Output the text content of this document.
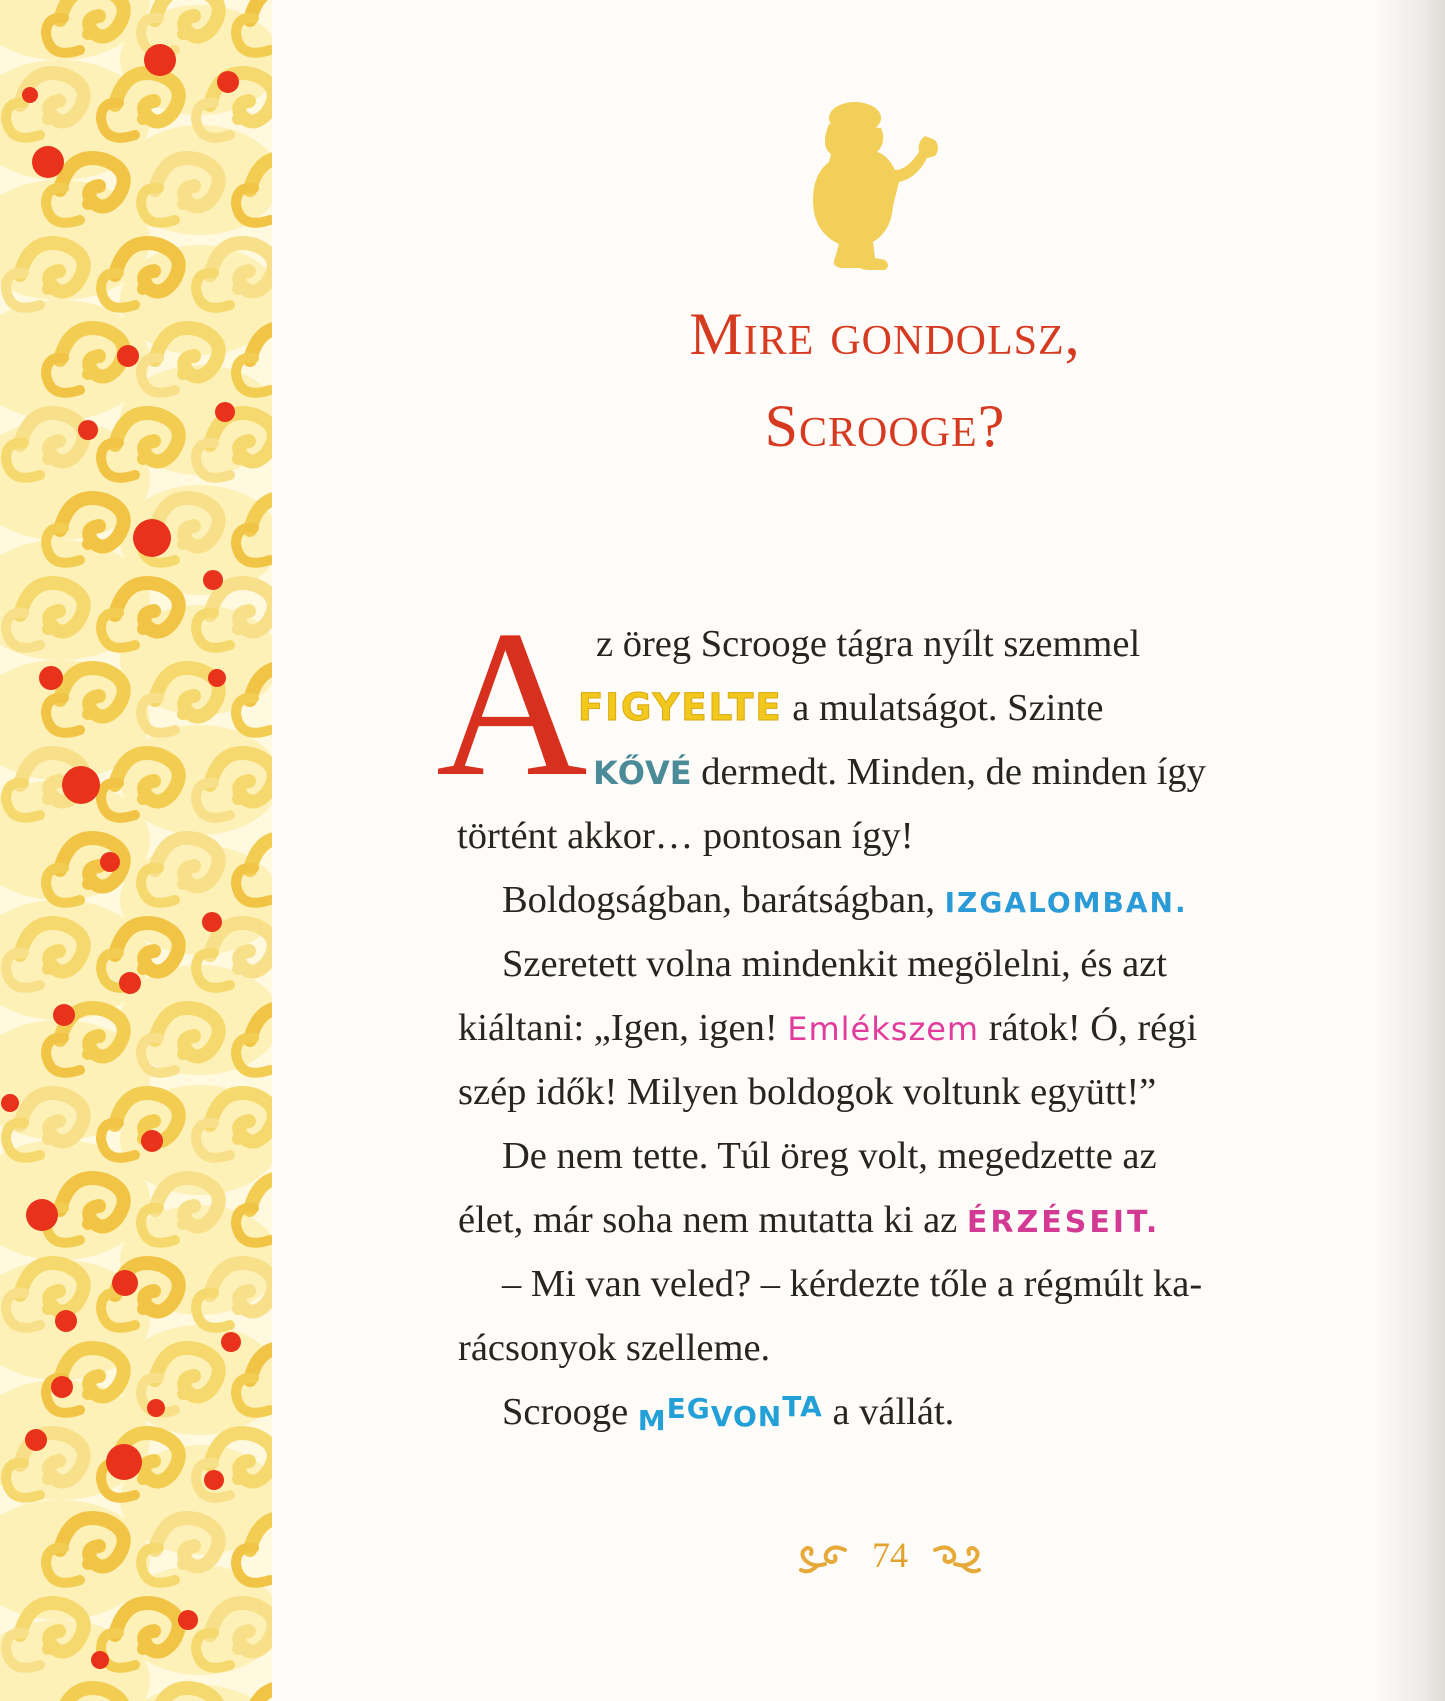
Mire gondolsz,
Scrooge?
A z öreg Scrooge tágra nyílt szemmel
FIGYELTE a mulatságot. Szinte
KŐVÉ dermedt. Minden, de minden így
történt akkor… pontosan így!
Boldogságban, barátságban, IZGALOMBAN.
Szeretett volna mindenkit megölelni, és azt
kiáltani: „Igen, igen! Emlékszem rátok! Ó, régi
szép idők! Milyen boldogok voltunk együtt!”
De nem tette. Túl öreg volt, megedzette az
élet, már soha nem mutatta ki az ÉRZÉSEIT.
– Mi van veled? – kérdezte tőle a régmúlt ka-
rácsonyok szelleme.
Scrooge MEGVONTA a vállát.
74
